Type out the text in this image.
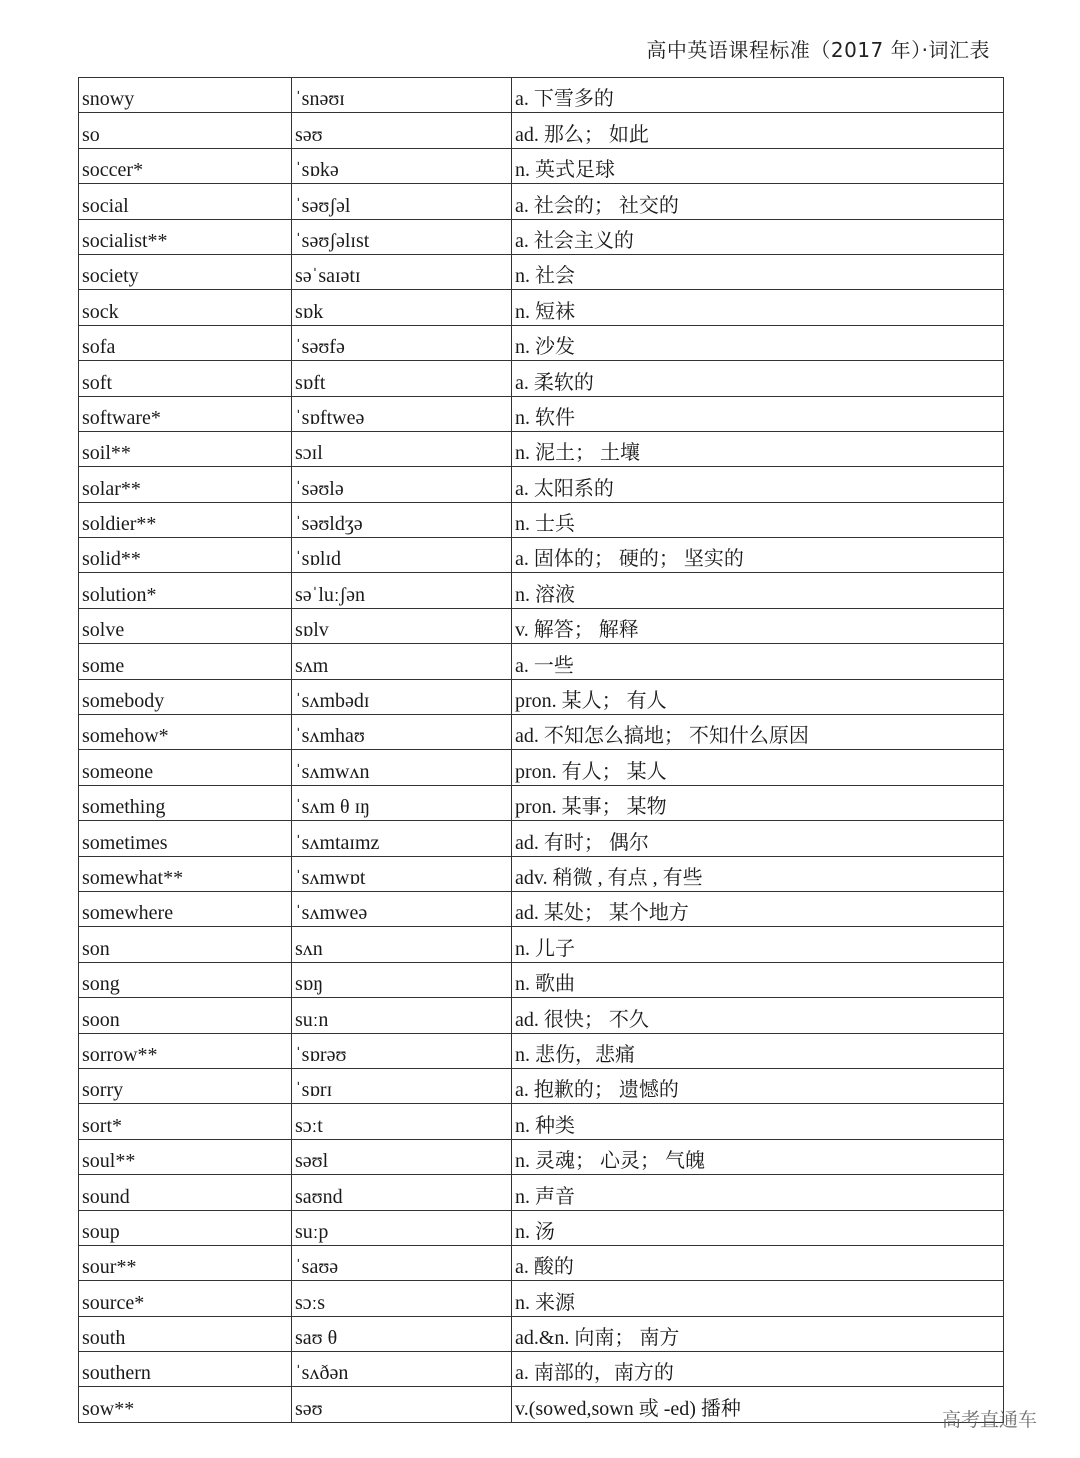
高中英语课程标准（2017 年）·词汇表
snowy	ˈsnəʊɪ	a. 下雪多的
so	səʊ	ad. 那么； 如此
soccer*	ˈsɒkə	n. 英式足球
social	ˈsəʊʃəl	a. 社会的； 社交的
socialist**	ˈsəʊʃəlɪst	a. 社会主义的
society	səˈsaɪətɪ	n. 社会
sock	sɒk	n. 短袜
sofa	ˈsəʊfə	n. 沙发
soft	sɒft	a. 柔软的
software*	ˈsɒftweə	n. 软件
soil**	sɔɪl	n. 泥土； 土壤
solar**	ˈsəʊlə	a. 太阳系的
soldier**	ˈsəʊldʒə	n. 士兵
solid**	ˈsɒlɪd	a. 固体的； 硬的； 坚实的
solution*	səˈluːʃən	n. 溶液
solve	sɒlv	v. 解答； 解释
some	sʌm	a. 一些
somebody	ˈsʌmbədɪ	pron. 某人； 有人
somehow*	ˈsʌmhaʊ	ad. 不知怎么搞地； 不知什么原因
someone	ˈsʌmwʌn	pron. 有人； 某人
something	ˈsʌm θ ɪŋ	pron. 某事； 某物
sometimes	ˈsʌmtaɪmz	ad. 有时； 偶尔
somewhat**	ˈsʌmwɒt	adv. 稍微 , 有点 , 有些
somewhere	ˈsʌmweə	ad. 某处； 某个地方
son	sʌn	n. 儿子
song	sɒŋ	n. 歌曲
soon	suːn	ad. 很快； 不久
sorrow**	ˈsɒrəʊ	n. 悲伤，悲痛
sorry	ˈsɒrɪ	a. 抱歉的； 遗憾的
sort*	sɔːt	n. 种类
soul**	səʊl	n. 灵魂； 心灵； 气魄
sound	saʊnd	n. 声音
soup	suːp	n. 汤
sour**	ˈsaʊə	a. 酸的
source*	sɔːs	n. 来源
south	saʊ θ	ad.&n. 向南； 南方
southern	ˈsʌðən	a. 南部的，南方的
sow**	səʊ	v.(sowed,sown 或 -ed) 播种
高考直通车
